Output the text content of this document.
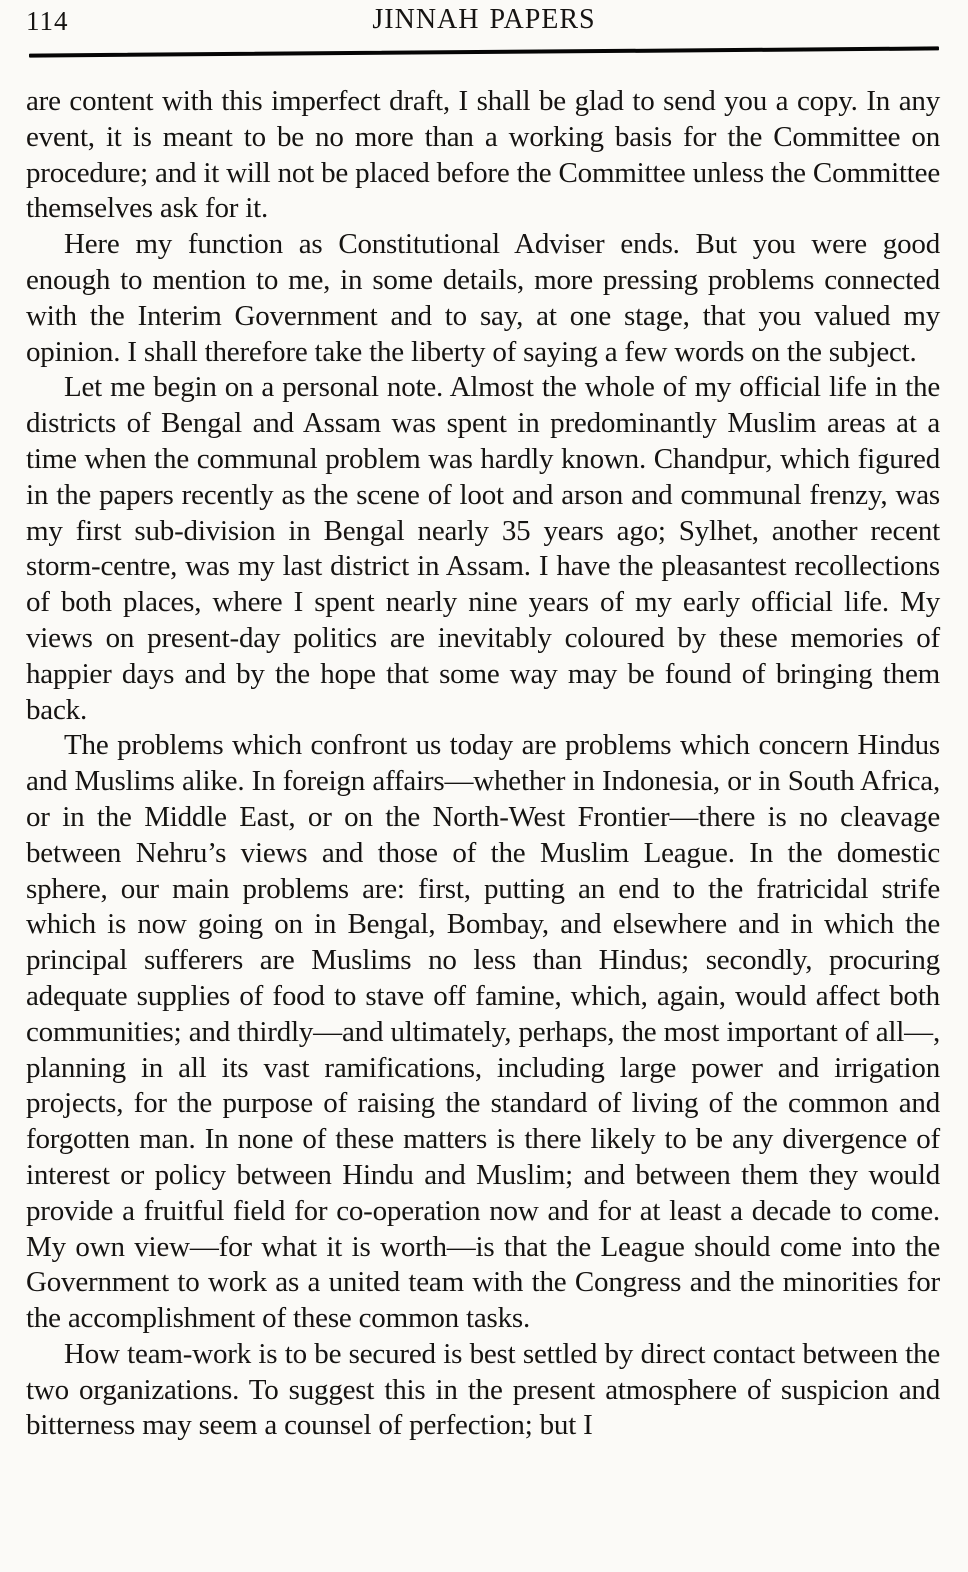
114	JINNAH PAPERS

are content with this imperfect draft, I shall be glad to send you a copy. In any event, it is meant to be no more than a working basis for the Committee on procedure; and it will not be placed before the Committee unless the Committee themselves ask for it.

Here my function as Constitutional Adviser ends. But you were good enough to mention to me, in some details, more pressing problems connected with the Interim Government and to say, at one stage, that you valued my opinion. I shall therefore take the liberty of saying a few words on the subject.

Let me begin on a personal note. Almost the whole of my official life in the districts of Bengal and Assam was spent in predominantly Muslim areas at a time when the communal problem was hardly known. Chandpur, which figured in the papers recently as the scene of loot and arson and communal frenzy, was my first sub-division in Bengal nearly 35 years ago; Sylhet, another recent storm-centre, was my last district in Assam. I have the pleasantest recollections of both places, where I spent nearly nine years of my early official life. My views on present-day politics are inevitably coloured by these memories of happier days and by the hope that some way may be found of bringing them back.

The problems which confront us today are problems which concern Hindus and Muslims alike. In foreign affairs—whether in Indonesia, or in South Africa, or in the Middle East, or on the North-West Frontier—there is no cleavage between Nehru’s views and those of the Muslim League. In the domestic sphere, our main problems are: first, putting an end to the fratricidal strife which is now going on in Bengal, Bombay, and elsewhere and in which the principal sufferers are Muslims no less than Hindus; secondly, procuring adequate supplies of food to stave off famine, which, again, would affect both communities; and thirdly—and ultimately, perhaps, the most important of all—, planning in all its vast ramifications, including large power and irrigation projects, for the purpose of raising the standard of living of the common and forgotten man. In none of these matters is there likely to be any divergence of interest or policy between Hindu and Muslim; and between them they would provide a fruitful field for co-operation now and for at least a decade to come. My own view—for what it is worth—is that the League should come into the Government to work as a united team with the Congress and the minorities for the accomplishment of these common tasks.

How team-work is to be secured is best settled by direct contact between the two organizations. To suggest this in the present atmosphere of suspicion and bitterness may seem a counsel of perfection; but I
